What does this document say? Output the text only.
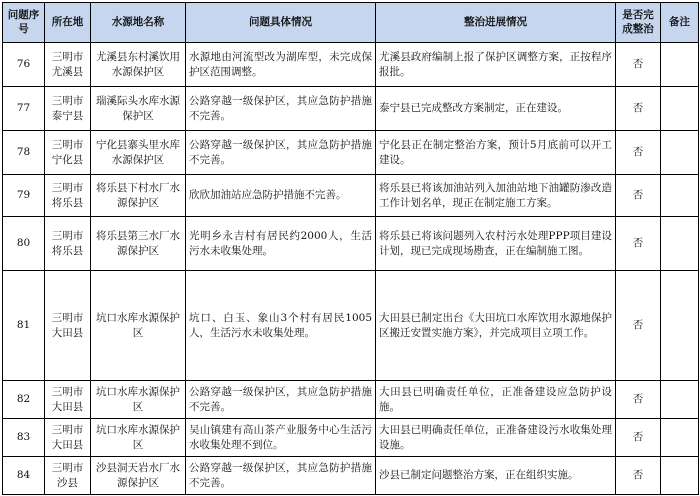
问题序号	所在地	水源地名称	问题具体情况	整治进展情况	是否完成整治	备注
76	三明市尤溪县	尤溪县东村溪饮用水源保护区	水源地由河流型改为湖库型，未完成保护区范围调整。	尤溪县政府编制上报了保护区调整方案，正按程序报批。	否	
77	三明市泰宁县	瑞溪际头水库水源保护区	公路穿越一级保护区，其应急防护措施不完善。	泰宁县已完成整改方案制定，正在建设。	否	
78	三明市宁化县	宁化县寨头里水库水源保护区	公路穿越一级保护区，其应急防护措施不完善。	宁化县正在制定整治方案，预计5月底前可以开工建设。	否	
79	三明市将乐县	将乐县下村水厂水源保护区	欣欣加油站应急防护措施不完善。	将乐县已将该加油站列入加油站地下油罐防渗改造工作计划名单，现正在制定施工方案。	否	
80	三明市将乐县	将乐县第三水厂水源保护区	光明乡永吉村有居民约2000人，生活污水未收集处理。	将乐县已将该问题列入农村污水处理PPP项目建设计划，现已完成现场勘查，正在编制施工图。	否	
81	三明市大田县	坑口水库水源保护区	坑口、白玉、象山3个村有居民1005人，生活污水未收集处理。	大田县已制定出台《大田坑口水库饮用水源地保护区搬迁安置实施方案》，并完成项目立项工作。	否	
82	三明市大田县	坑口水库水源保护区	公路穿越一级保护区，其应急防护措施不完善。	大田县已明确责任单位，正准备建设应急防护设施。	否	
83	三明市大田县	坑口水库水源保护区	吴山镇建有高山茶产业服务中心生活污水收集处理不到位。	大田县已明确责任单位，正准备建设污水收集处理设施。	否	
84	三明市沙县	沙县洞天岩水厂水源保护区	公路穿越一级保护区，其应急防护措施不完善。	沙县已制定问题整治方案，正在组织实施。	否	
